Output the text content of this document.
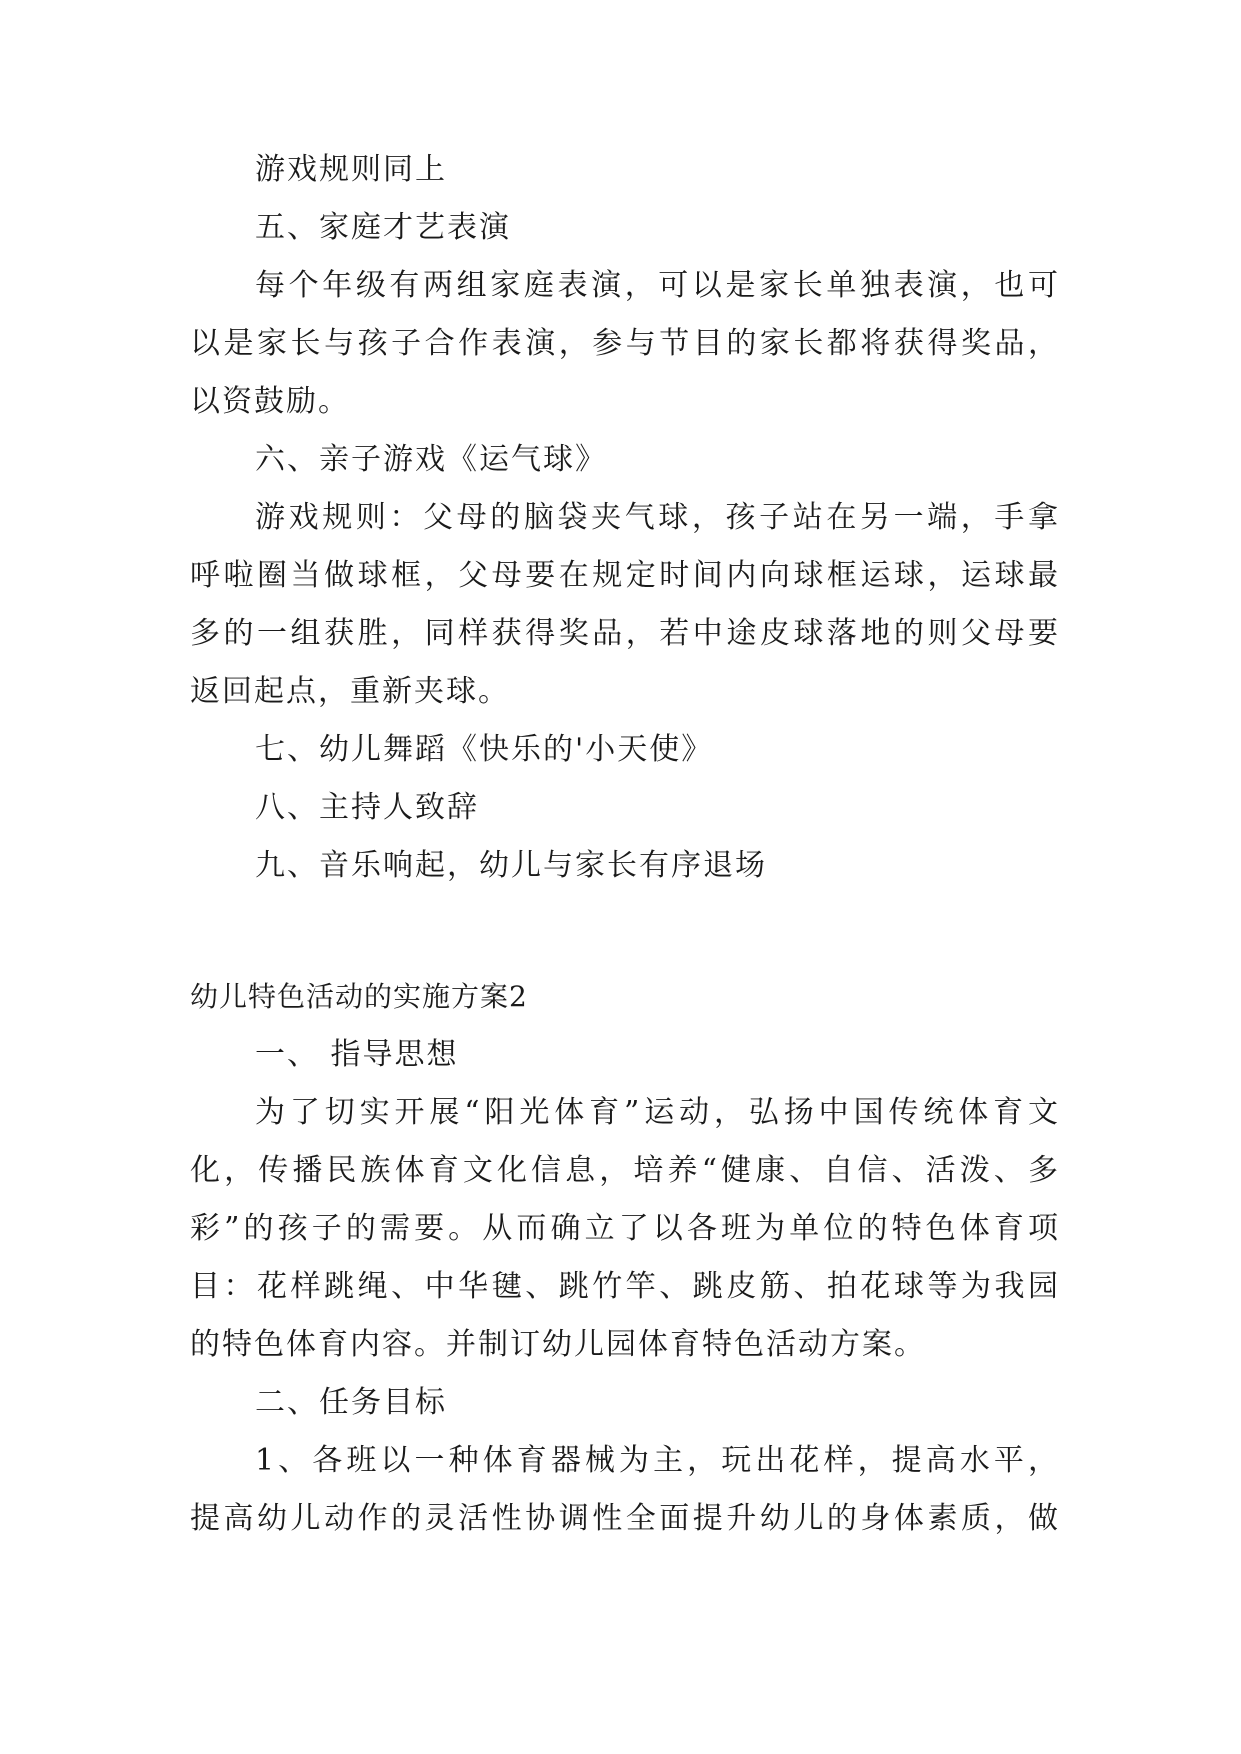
游戏规则同上
五、家庭才艺表演
每个年级有两组家庭表演，可以是家长单独表演，也可
以是家长与孩子合作表演，参与节目的家长都将获得奖品，
以资鼓励。
六、亲子游戏《运气球》
游戏规则：父母的脑袋夹气球，孩子站在另一端，手拿
呼啦圈当做球框，父母要在规定时间内向球框运球，运球最
多的一组获胜，同样获得奖品，若中途皮球落地的则父母要
返回起点，重新夹球。
七、幼儿舞蹈《快乐的'小天使》
八、主持人致辞
九、音乐响起，幼儿与家长有序退场
幼儿特色活动的实施方案2
一、 指导思想
为了切实开展“阳光体育”运动，弘扬中国传统体育文
化，传播民族体育文化信息，培养“健康、自信、活泼、多
彩”的孩子的需要。从而确立了以各班为单位的特色体育项
目：花样跳绳、中华毽、跳竹竿、跳皮筋、拍花球等为我园
的特色体育内容。并制订幼儿园体育特色活动方案。
二、任务目标
1、各班以一种体育器械为主，玩出花样，提高水平，
提高幼儿动作的灵活性协调性全面提升幼儿的身体素质，做
